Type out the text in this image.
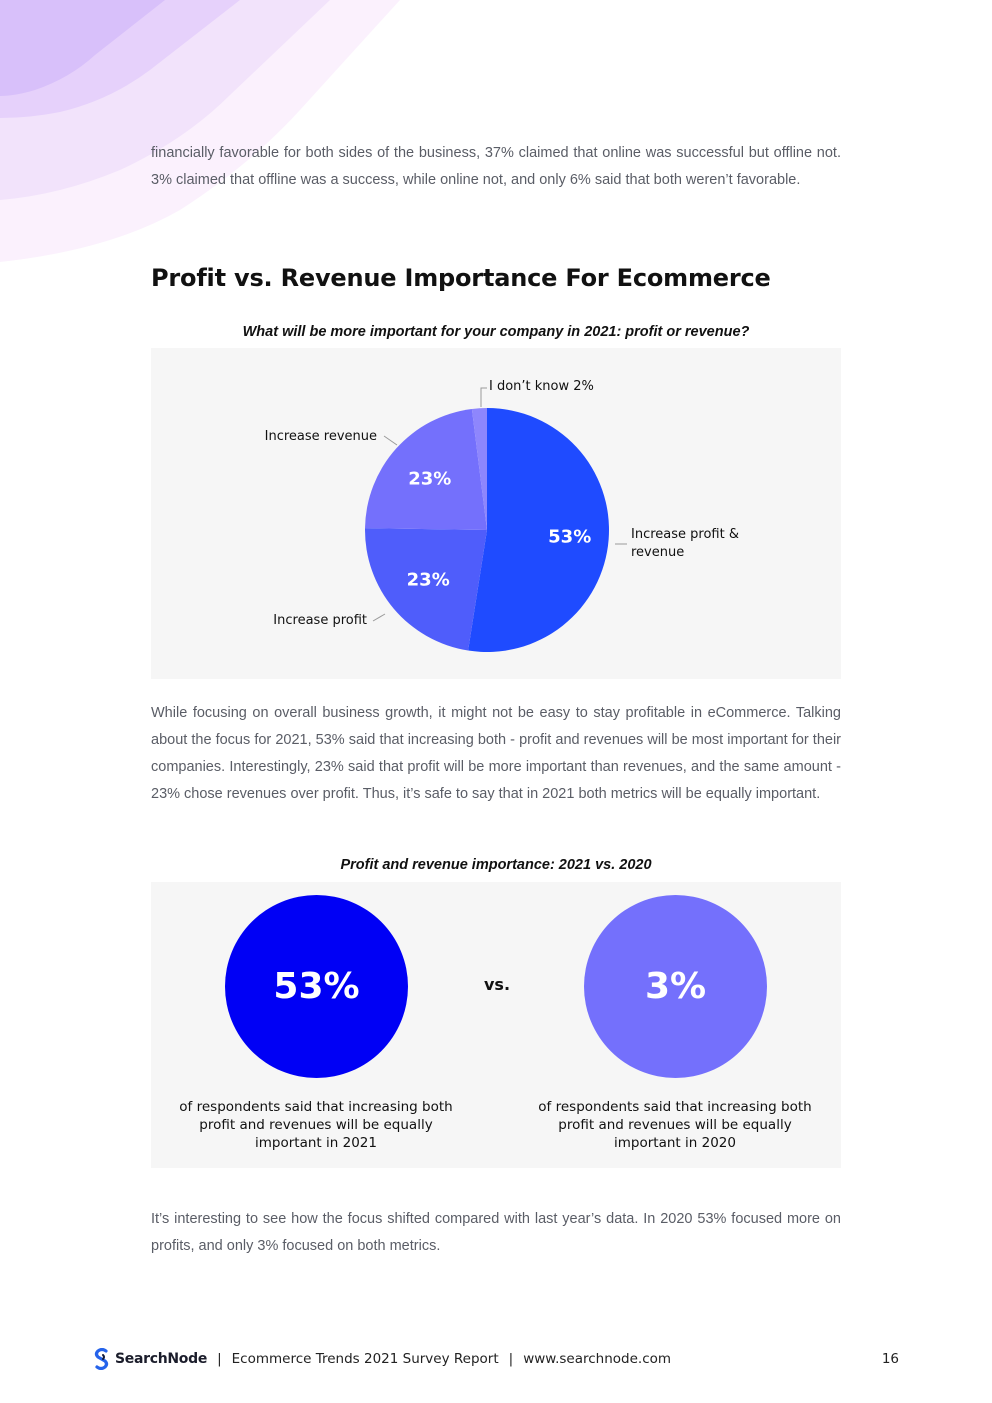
financially favorable for both sides of the business, 37% claimed that online was successful but offline not. 3% claimed that offline was a success, while online not, and only 6% said that both weren’t favorable.

Profit vs. Revenue Importance For Ecommerce
What will be more important for your company in 2021: profit or revenue?
53%	Increase profit & revenue
23%
Increase profit
23%
Increase revenue
I don’t know 2%

While focusing on overall business growth, it might not be easy to stay profitable in eCommerce. Talking about the focus for 2021, 53% said that increasing both - profit and revenues will be most important for their companies. Interestingly, 23% said that profit will be more important than revenues, and the same amount - 23% chose revenues over profit. Thus, it’s safe to say that in 2021 both metrics will be equally important.

Profit and revenue importance: 2021 vs. 2020
53%	vs.	3%
of respondents said that increasing both profit and revenues will be equally important in 2021
of respondents said that increasing both profit and revenues will be equally important in 2020

It’s interesting to see how the focus shifted compared with last year’s data. In 2020 53% focused more on profits, and only 3% focused on both metrics.

SearchNode | Ecommerce Trends 2021 Survey Report | www.searchnode.com	16
